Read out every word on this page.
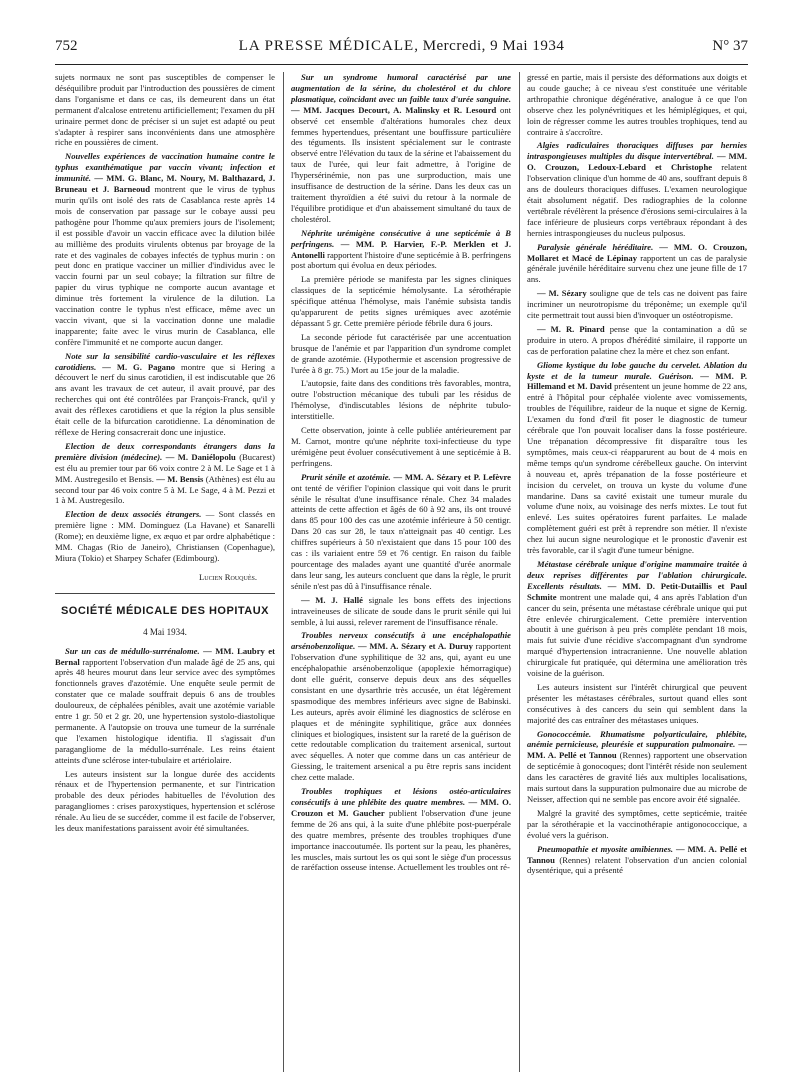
752	LA PRESSE MÉDICALE, Mercredi, 9 Mai 1934	N° 37

sujets normaux ne sont pas susceptibles de compenser le déséquilibre produit par l'introduction des poussières de ciment dans l'organisme et dans ce cas, ils demeurent dans un état permanent d'alcalose entretenu artificiellement; l'examen du pH urinaire permet donc de préciser si un sujet est adapté ou peut s'adapter à respirer sans inconvénients dans une atmosphère riche en poussières de ciment.

Nouvelles expériences de vaccination humaine contre le typhus exanthématique par vaccin vivant; infection et immunité. — MM. G. Blanc, M. Noury, M. Balthazard, J. Bruneau et J. Barneoud montrent que le virus de typhus murin qu'ils ont isolé des rats de Casablanca reste après 14 mois de conservation par passage sur le cobaye aussi peu pathogène pour l'homme qu'aux premiers jours de l'isolement; il est possible d'avoir un vaccin efficace avec la dilution bilée au millième des produits virulents obtenus par broyage de la rate et des vaginales de cobayes infectés de typhus murin : on peut donc en pratique vacciner un millier d'individus avec le vaccin fourni par un seul cobaye; la filtration sur filtre de papier du virus typhique ne comporte aucun avantage et diminue très fortement la virulence de la dilution. La vaccination contre le typhus n'est efficace, même avec un vaccin vivant, que si la vaccination donne une maladie inapparente; faite avec le virus murin de Casablanca, elle confère l'immunité et ne comporte aucun danger.

Note sur la sensibilité cardio-vasculaire et les réflexes carotidiens. — M. G. Pagano montre que si Hering a découvert le nerf du sinus carotidien, il est indiscutable que 26 ans avant les travaux de cet auteur, il avait prouvé, par des recherches qui ont été contrôlées par François-Franck, qu'il y avait des réflexes carotidiens et que la région la plus sensible était celle de la bifurcation carotidienne. La dénomination de réflexe de Hering consacrerait donc une injustice.

Election de deux correspondants étrangers dans la première division (médecine). — M. Daniélopolu (Bucarest) est élu au premier tour par 66 voix contre 2 à M. Le Sage et 1 à MM. Austregesilo et Bensis. — M. Bensis (Athènes) est élu au second tour par 46 voix contre 5 à M. Le Sage, 4 à M. Pezzi et 1 à M. Austregesilo.

Election de deux associés étrangers. — Sont classés en première ligne : MM. Dominguez (La Havane) et Sanarelli (Rome); en deuxième ligne, ex æquo et par ordre alphabétique : MM. Chagas (Rio de Janeiro), Christiansen (Copenhague), Miura (Tokio) et Sharpey Schafer (Edimbourg).

Lucien Rouquès.

SOCIÉTÉ MÉDICALE DES HOPITAUX
4 Mai 1934.

Sur un cas de médullo-surrénalome. — MM. Laubry et Bernal rapportent l'observation d'un malade âgé de 25 ans, qui après 48 heures mourut dans leur service avec des symptômes fonctionnels graves d'azotémie. Une enquête seule permit de constater que ce malade souffrait depuis 6 ans de troubles douloureux, de céphalées pénibles, avait une azotémie variable entre 1 gr. 50 et 2 gr. 20, une hypertension systolo-diastolique permanente. A l'autopsie on trouva une tumeur de la surrénale que l'examen histologique identifia. Il s'agissait d'un paragangliome de la médullo-surrénale. Les reins étaient atteints d'une sclérose inter-tubulaire et artériolaire.

Les auteurs insistent sur la longue durée des accidents rénaux et de l'hypertension permanente, et sur l'intrication probable des deux périodes habituelles de l'évolution des paragangliomes : crises paroxystiques, hypertension et sclérose rénale. Au lieu de se succéder, comme il est facile de l'observer, les deux manifestations paraissent avoir été simultanées.

Sur un syndrome humoral caractérisé par une augmentation de la sérine, du cholestérol et du chlore plasmatique, coïncidant avec un faible taux d'urée sanguine. — MM. Jacques Decourt, A. Malinsky et R. Lesourd ont observé cet ensemble d'altérations humorales chez deux femmes hypertendues, présentant une bouffissure particulière des téguments. Ils insistent spécialement sur le contraste observé entre l'élévation du taux de la sérine et l'abaissement du taux de l'urée, qui leur fait admettre, à l'origine de l'hypersérinémie, non pas une surproduction, mais une insuffisance de destruction de la sérine. Dans les deux cas un traitement thyroïdien a été suivi du retour à la normale de l'équilibre protidique et d'un abaissement simultané du taux de cholestérol.

Néphrite urémigène consécutive à une septicémie à B perfringens. — MM. P. Harvier, F.-P. Merklen et J. Antonelli rapportent l'histoire d'une septicémie à B. perfringens post abortum qui évolua en deux périodes.

La première période se manifesta par les signes cliniques classiques de la septicémie hémolysante. La sérothérapie spécifique atténua l'hémolyse, mais l'anémie subsista tandis qu'apparurent de petits signes urémiques avec azotémie dépassant 5 gr. Cette première période fébrile dura 6 jours.

La seconde période fut caractérisée par une accentuation brusque de l'anémie et par l'apparition d'un syndrome complet de grande azotémie. (Hypothermie et ascension progressive de l'urée à 8 gr. 75.) Mort au 15e jour de la maladie.

L'autopsie, faite dans des conditions très favorables, montra, outre l'obstruction mécanique des tubuli par les résidus de l'hémolyse, d'indiscutables lésions de néphrite tubulo-interstitielle.

Cette observation, jointe à celle publiée antérieurement par M. Carnot, montre qu'une néphrite toxi-infectieuse du type urémigène peut évoluer consécutivement à une septicémie à B. perfringens.

Prurit sénile et azotémie. — MM. A. Sézary et P. Lefèvre ont tenté de vérifier l'opinion classique qui voit dans le prurit sénile le résultat d'une insuffisance rénale. Chez 34 malades atteints de cette affection et âgés de 60 à 92 ans, ils ont trouvé dans 85 pour 100 des cas une azotémie inférieure à 50 centigr. Dans 20 cas sur 28, le taux n'atteignait pas 40 centigr. Les chiffres supérieurs à 50 n'existaient que dans 15 pour 100 des cas : ils variaient entre 59 et 76 centigr. En raison du faible pourcentage des malades ayant une quantité d'urée anormale dans leur sang, les auteurs concluent que dans la règle, le prurit sénile n'est pas dû à l'insuffisance rénale.

— M. J. Hallé signale les bons effets des injections intraveineuses de silicate de soude dans le prurit sénile qui lui semble, à lui aussi, relever rarement de l'insuffisance rénale.

Troubles nerveux consécutifs à une encéphalopathie arsénobenzolique. — MM. A. Sézary et A. Duruy rapportent l'observation d'une syphilitique de 32 ans, qui, ayant eu une encéphalopathie arsénobenzolique (apoplexie hémorragique) dont elle guérit, conserve depuis deux ans des séquelles consistant en une dysarthrie très accusée, un état légèrement spasmodique des membres inférieurs avec signe de Babinski. Les auteurs, après avoir éliminé les diagnostics de sclérose en plaques et de méningite syphilitique, grâce aux données cliniques et biologiques, insistent sur la rareté de la guérison de cette redoutable complication du traitement arsenical, surtout avec séquelles. A noter que comme dans un cas antérieur de Giessing, le traitement arsenical a pu être repris sans incident chez cette malade.

Troubles trophiques et lésions ostéo-articulaires consécutifs à une phlébite des quatre membres. — MM. O. Crouzon et M. Gaucher publient l'observation d'une jeune femme de 26 ans qui, à la suite d'une phlébite post-puerpérale des quatre membres, présente des troubles trophiques d'une importance inaccoutumée. Ils portent sur la peau, les phanères, les muscles, mais surtout les os qui sont le siège d'un processus de raréfaction osseuse intense. Actuellement les troubles ont ré-

gressé en partie, mais il persiste des déformations aux doigts et au coude gauche; à ce niveau s'est constituée une véritable arthropathie chronique dégénérative, analogue à ce que l'on observe chez les polynévritiques et les hémiplégiques, et qui, loin de régresser comme les autres troubles trophiques, tend au contraire à s'accroître.

Algies radiculaires thoraciques diffuses par hernies intraspongieuses multiples du disque intervertébral. — MM. O. Crouzon, Ledoux-Lebard et Christophe relatent l'observation clinique d'un homme de 40 ans, souffrant depuis 8 ans de douleurs thoraciques diffuses. L'examen neurologique était absolument négatif. Des radiographies de la colonne vertébrale révélèrent la présence d'érosions semi-circulaires à la face inférieure de plusieurs corps vertébraux répondant à des hernies intraspongieuses du nucleus pulposus.

Paralysie générale héréditaire. — MM. O. Crouzon, Mollaret et Macé de Lépinay rapportent un cas de paralysie générale juvénile héréditaire survenu chez une jeune fille de 17 ans.

— M. Sézary souligne que de tels cas ne doivent pas faire incriminer un neurotropisme du tréponème; un exemple qu'il cite permettrait tout aussi bien d'invoquer un ostéotropisme.

— M. R. Pinard pense que la contamination a dû se produire in utero. A propos d'hérédité similaire, il rapporte un cas de perforation palatine chez la mère et chez son enfant.

Gliome kystique du lobe gauche du cervelet. Ablation du kyste et de la tumeur murale. Guérison. — MM. P. Hillemand et M. David présentent un jeune homme de 22 ans, entré à l'hôpital pour céphalée violente avec vomissements, troubles de l'équilibre, raideur de la nuque et signe de Kernig. L'examen du fond d'œil fit poser le diagnostic de tumeur cérébrale que l'on pouvait localiser dans la fosse postérieure. Une trépanation décompressive fit disparaître tous les symptômes, mais ceux-ci réapparurent au bout de 4 mois en même temps qu'un syndrome cérébelleux gauche. On intervint à nouveau et, après trépanation de la fosse postérieure et incision du cervelet, on trouva un kyste du volume d'une mandarine. Dans sa cavité existait une tumeur murale du volume d'une noix, au voisinage des nerfs mixtes. Le tout fut enlevé. Les suites opératoires furent parfaites. Le malade complètement guéri est prêt à reprendre son métier. Il n'existe chez lui aucun signe neurologique et le pronostic d'avenir est très favorable, car il s'agit d'une tumeur bénigne.

Métastase cérébrale unique d'origine mammaire traitée à deux reprises différentes par l'ablation chirurgicale. Excellents résultats. — MM. D. Petit-Dutaillis et Paul Schmite montrent une malade qui, 4 ans après l'ablation d'un cancer du sein, présenta une métastase cérébrale unique qui put être enlevée chirurgicalement. Cette première intervention aboutit à une guérison à peu près complète pendant 18 mois, mais fut suivie d'une récidive s'accompagnant d'un syndrome marqué d'hypertension intracranienne. Une nouvelle ablation chirurgicale fut pratiquée, qui détermina une amélioration très voisine de la guérison.

Les auteurs insistent sur l'intérêt chirurgical que peuvent présenter les métastases cérébrales, surtout quand elles sont consécutives à des cancers du sein qui semblent dans la majorité des cas entraîner des métastases uniques.

Gonococcémie. Rhumatisme polyarticulaire, phlébite, anémie pernicieuse, pleurésie et suppuration pulmonaire. — MM. A. Pellé et Tannou (Rennes) rapportent une observation de septicémie à gonocoques; dont l'intérêt réside non seulement dans les caractères de gravité liés aux multiples localisations, mais surtout dans la suppuration pulmonaire due au microbe de Neisser, affection qui ne semble pas encore avoir été signalée.

Malgré la gravité des symptômes, cette septicémie, traitée par la sérothérapie et la vaccinothérapie antigonococcique, a évolué vers la guérison.

Pneumopathie et myosite amibiennes. — MM. A. Pellé et Tannou (Rennes) relatent l'observation d'un ancien colonial dysentérique, qui a présenté
